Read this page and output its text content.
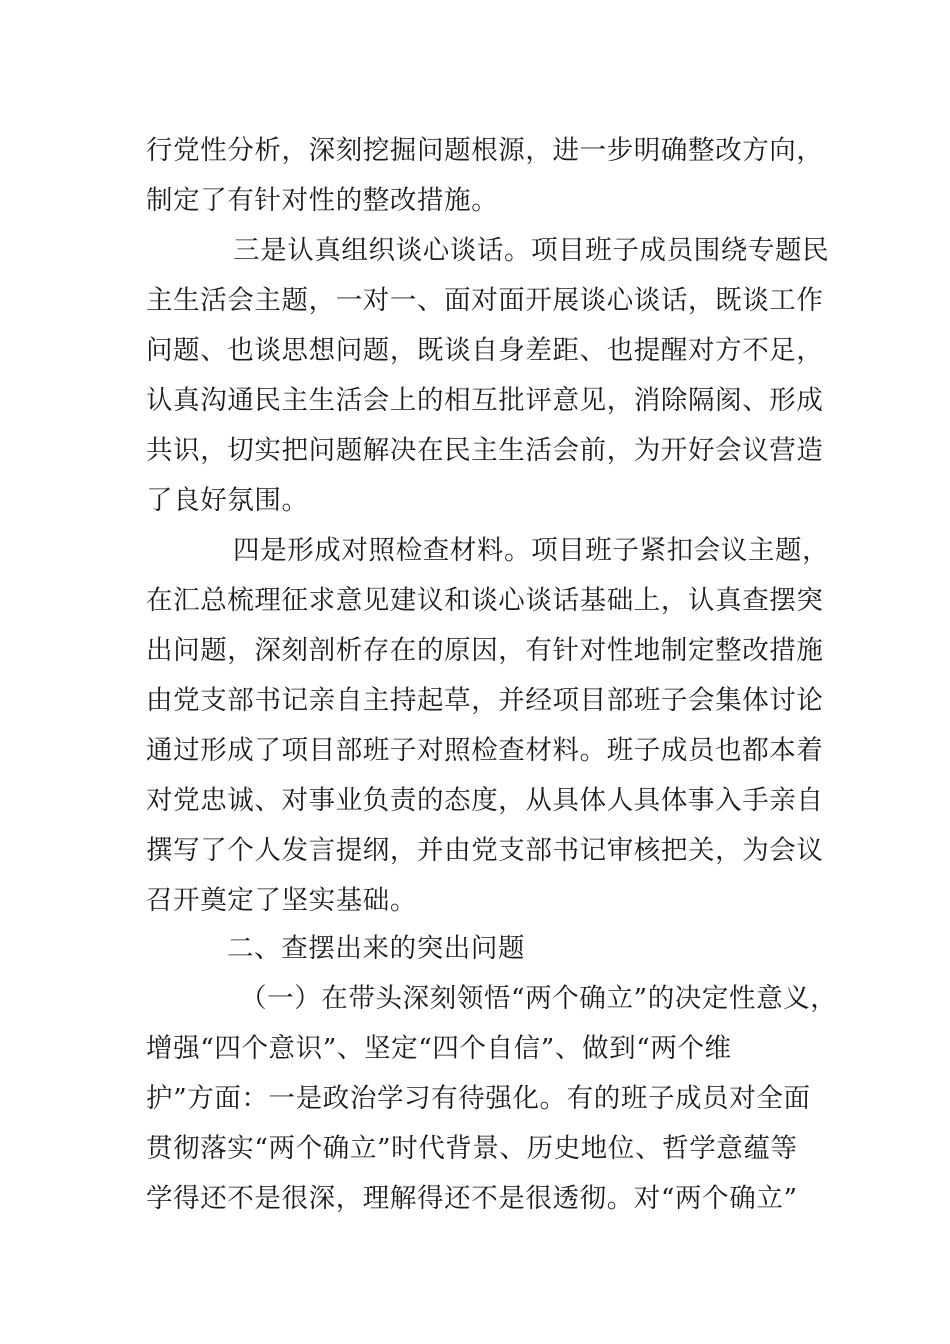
行党性分析，深刻挖掘问题根源，进一步明确整改方向，
制定了有针对性的整改措施。
三是认真组织谈心谈话。项目班子成员围绕专题民
主生活会主题，一对一、面对面开展谈心谈话，既谈工作
问题、也谈思想问题，既谈自身差距、也提醒对方不足，
认真沟通民主生活会上的相互批评意见，消除隔阂、形成
共识，切实把问题解决在民主生活会前，为开好会议营造
了良好氛围。
四是形成对照检查材料。项目班子紧扣会议主题，
在汇总梳理征求意见建议和谈心谈话基础上，认真查摆突
出问题，深刻剖析存在的原因，有针对性地制定整改措施
由党支部书记亲自主持起草，并经项目部班子会集体讨论
通过形成了项目部班子对照检查材料。班子成员也都本着
对党忠诚、对事业负责的态度，从具体人具体事入手亲自
撰写了个人发言提纲，并由党支部书记审核把关，为会议
召开奠定了坚实基础。
二、查摆出来的突出问题
（一）在带头深刻领悟“两个确立”的决定性意义，
增强“四个意识”、坚定“四个自信”、做到“两个维
护”方面：一是政治学习有待强化。有的班子成员对全面
贯彻落实“两个确立”时代背景、历史地位、哲学意蕴等
学得还不是很深，理解得还不是很透彻。对“两个确立”
